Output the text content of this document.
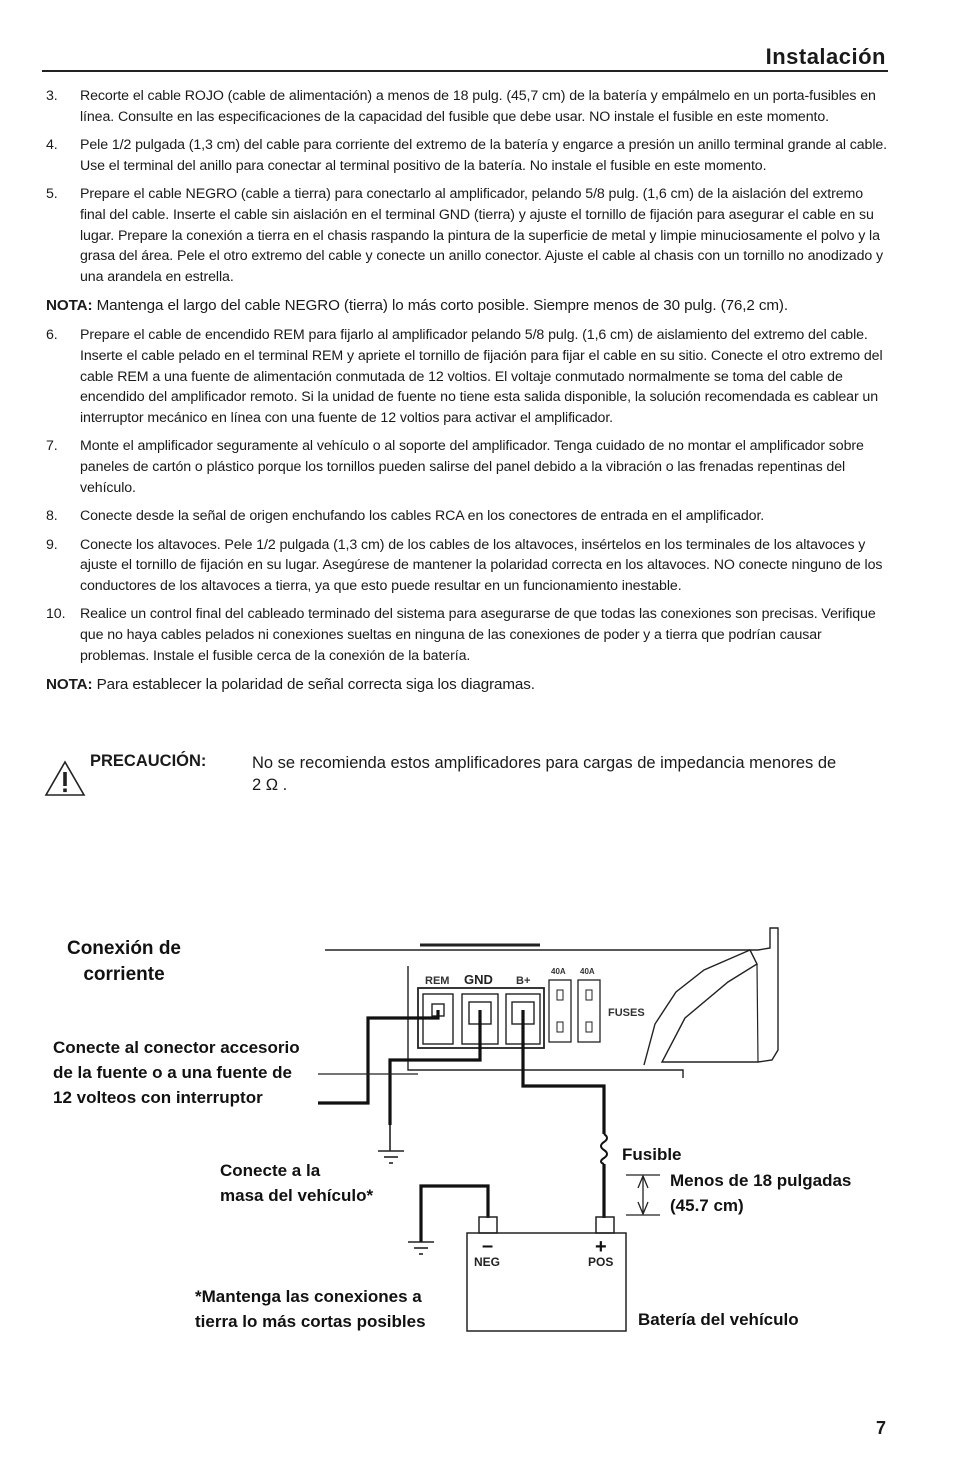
Instalación
3.	Recorte el cable ROJO (cable de alimentación) a menos de 18 pulg. (45,7 cm) de la batería y empálmelo en un porta-fusibles en línea. Consulte en las especificaciones de la capacidad del fusible que debe usar. NO instale el fusible en este momento.
4.	Pele 1/2 pulgada (1,3 cm) del cable para corriente del extremo de la batería y engarce a presión un anillo terminal grande al cable. Use el terminal del anillo para conectar al terminal positivo de la batería. No instale el fusible en este momento.
5.	Prepare el cable NEGRO (cable a tierra) para conectarlo al amplificador, pelando 5/8 pulg. (1,6 cm) de la aislación del extremo final del cable. Inserte el cable sin aislación en el terminal GND (tierra) y ajuste el tornillo de fijación para asegurar el cable en su lugar. Prepare la conexión a tierra en el chasis raspando la pintura de la superficie de metal y limpie minuciosamente el polvo y la grasa del área. Pele el otro extremo del cable y conecte un anillo conector. Ajuste el cable al chasis con un tornillo no anodizado y una arandela en estrella.
NOTA: Mantenga el largo del cable NEGRO (tierra) lo más corto posible. Siempre menos de 30 pulg. (76,2 cm).
6.	Prepare el cable de encendido REM para fijarlo al amplificador pelando 5/8 pulg. (1,6 cm) de aislamiento del extremo del cable. Inserte el cable pelado en el terminal REM y apriete el tornillo de fijación para fijar el cable en su sitio. Conecte el otro extremo del cable REM a una fuente de alimentación conmutada de 12 voltios. El voltaje conmutado normalmente se toma del cable de encendido del amplificador remoto. Si la unidad de fuente no tiene esta salida disponible, la solución recomendada es cablear un interruptor mecánico en línea con una fuente de 12 voltios para activar el amplificador.
7.	Monte el amplificador seguramente al vehículo o al soporte del amplificador. Tenga cuidado de no montar el amplificador sobre paneles de cartón o plástico porque los tornillos pueden salirse del panel debido a la vibración o las frenadas repentinas del vehículo.
8.	Conecte desde la señal de origen enchufando los cables RCA en los conectores de entrada en el amplificador.
9.	Conecte los altavoces. Pele 1/2 pulgada (1,3 cm) de los cables de los altavoces, insértelos en los terminales de los altavoces y ajuste el tornillo de fijación en su lugar. Asegúrese de mantener la polaridad correcta en los altavoces. NO conecte ninguno de los conductores de los altavoces a tierra, ya que esto puede resultar en un funcionamiento inestable.
10.	Realice un control final del cableado terminado del sistema para asegurarse de que todas las conexiones son precisas. Verifique que no haya cables pelados ni conexiones sueltas en ninguna de las conexiones de poder y a tierra que podrían causar problemas. Instale el fusible cerca de la conexión de la batería.
NOTA: Para establecer la polaridad de señal correcta siga los diagramas.
PRECAUCIÓN:	No se recomienda estos amplificadores para cargas de impedancia menores de 2 Ω .
Conexión de
corriente	REM GND B+
40A 40A
FUSES
Conecte al conector accesorio
de la fuente o a una fuente de
12 volteos con interruptor
Conecte a la
masa del vehículo*
Fusible
Menos de 18 pulgadas
(45.7 cm)
–	+
NEG	POS
*Mantenga las conexiones a
tierra lo más cortas posibles	Batería del vehículo
7
